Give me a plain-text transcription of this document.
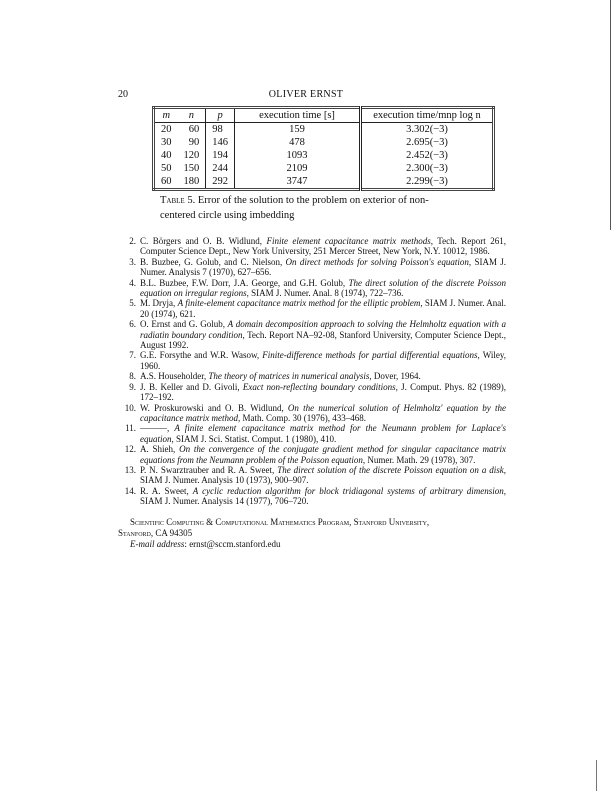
20	OLIVER ERNST
m	n	p	execution time [s]	execution time/mnp log n
20	60	98	159	3.302(−3)
30	90	146	478	2.695(−3)
40	120	194	1093	2.452(−3)
50	150	244	2109	2.300(−3)
60	180	292	3747	2.299(−3)
Table 5. Error of the solution to the problem on exterior of non-centered circle using imbedding

2. C. Börgers and O. B. Widlund, Finite element capacitance matrix methods, Tech. Report 261, Computer Science Dept., New York University, 251 Mercer Street, New York, N.Y. 10012, 1986.

3. B. Buzbee, G. Golub, and C. Nielson, On direct methods for solving Poisson's equation, SIAM J. Numer. Analysis 7 (1970), 627–656.

4. B.L. Buzbee, F.W. Dorr, J.A. George, and G.H. Golub, The direct solution of the discrete Poisson equation on irregular regions, SIAM J. Numer. Anal. 8 (1974), 722–736.

5. M. Dryja, A finite-element capacitance matrix method for the elliptic problem, SIAM J. Numer. Anal. 20 (1974), 621.

6. O. Ernst and G. Golub, A domain decomposition approach to solving the Helmholtz equation with a radiatin boundary condition, Tech. Report NA–92-08, Stanford University, Computer Science Dept., August 1992.

7. G.E. Forsythe and W.R. Wasow, Finite-difference methods for partial differential equations, Wiley, 1960.

8. A.S. Householder, The theory of matrices in numerical analysis, Dover, 1964.

9. J. B. Keller and D. Givoli, Exact non-reflecting boundary conditions, J. Comput. Phys. 82 (1989), 172–192.

10. W. Proskurowski and O. B. Widlund, On the numerical solution of Helmholtz' equation by the capacitance matrix method, Math. Comp. 30 (1976), 433–468.

11. ———, A finite element capacitance matrix method for the Neumann problem for Laplace's equation, SIAM J. Sci. Statist. Comput. 1 (1980), 410.

12. A. Shieh, On the convergence of the conjugate gradient method for singular capacitance matrix equations from the Neumann problem of the Poisson equation, Numer. Math. 29 (1978), 307.

13. P. N. Swarztrauber and R. A. Sweet, The direct solution of the discrete Poisson equation on a disk, SIAM J. Numer. Analysis 10 (1973), 900–907.

14. R. A. Sweet, A cyclic reduction algorithm for block tridiagonal systems of arbitrary dimension, SIAM J. Numer. Analysis 14 (1977), 706–720.

Scientific Computing & Computational Mathematics Program, Stanford University,
Stanford, CA 94305
E-mail address: ernst@sccm.stanford.edu
